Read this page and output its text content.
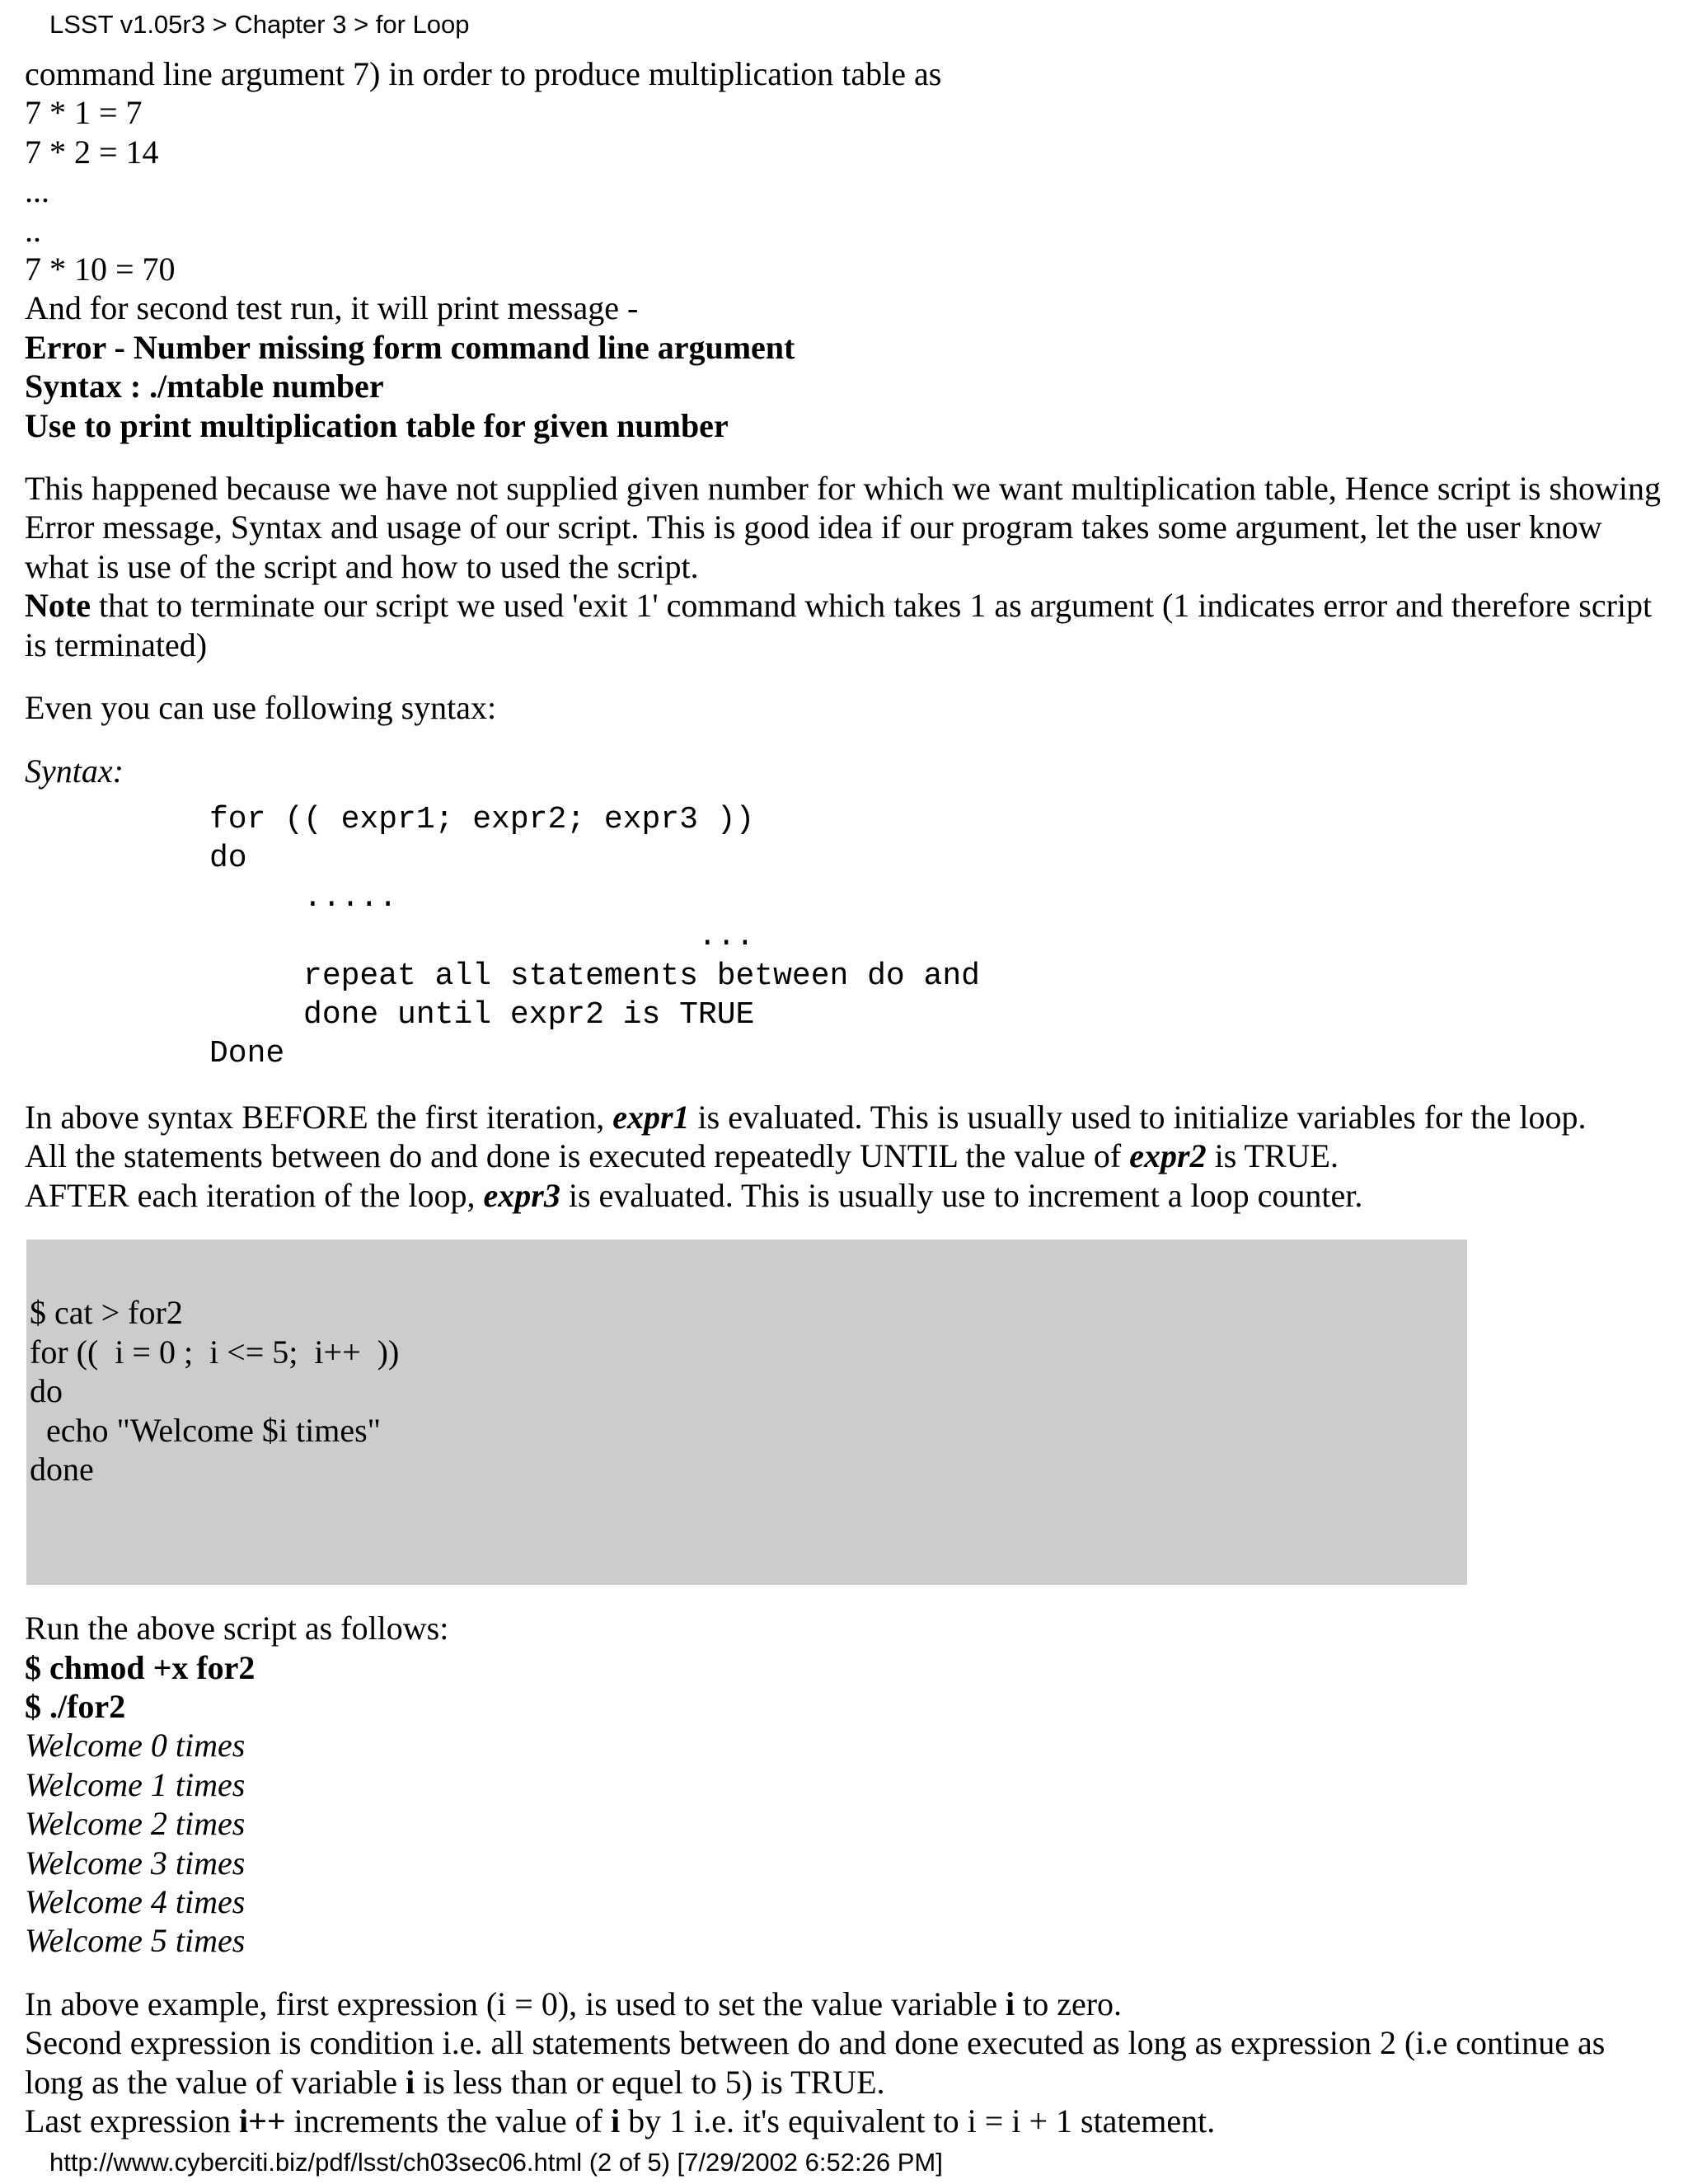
LSST v1.05r3 > Chapter 3 > for Loop
command line argument 7) in order to produce multiplication table as
7 * 1 = 7
7 * 2 = 14
...
..
7 * 10 = 70
And for second test run, it will print message -
Error - Number missing form command line argument
Syntax : ./mtable number
Use to print multiplication table for given number

This happened because we have not supplied given number for which we want multiplication table, Hence script is showing Error message, Syntax and usage of our script. This is good idea if our program takes some argument, let the user know what is use of the script and how to used the script.

Note that to terminate our script we used 'exit 1' command which takes 1 as argument (1 indicates error and therefore script is terminated)

Even you can use following syntax:
Syntax:
for (( expr1; expr2; expr3 ))
do
.....
			...
repeat all statements between do and
done until expr2 is TRUE
Done
In above syntax BEFORE the first iteration, expr1 is evaluated. This is usually used to initialize variables for the loop.
All the statements between do and done is executed repeatedly UNTIL the value of expr2 is TRUE.
AFTER each iteration of the loop, expr3 is evaluated. This is usually use to increment a loop counter.

$ cat > for2
for ((  i = 0 ;  i <= 5;  i++  ))
do
echo "Welcome $i times"
done

Run the above script as follows:
$ chmod +x for2
$ ./for2
Welcome 0 times
Welcome 1 times
Welcome 2 times
Welcome 3 times
Welcome 4 times
Welcome 5 times

In above example, first expression (i = 0), is used to set the value variable i to zero.

Second expression is condition i.e. all statements between do and done executed as long as expression 2 (i.e continue as long as the value of variable i is less than or equel to 5) is TRUE.

Last expression i++ increments the value of i by 1 i.e. it's equivalent to i = i + 1 statement.

http://www.cyberciti.biz/pdf/lsst/ch03sec06.html (2 of 5) [7/29/2002 6:52:26 PM]
